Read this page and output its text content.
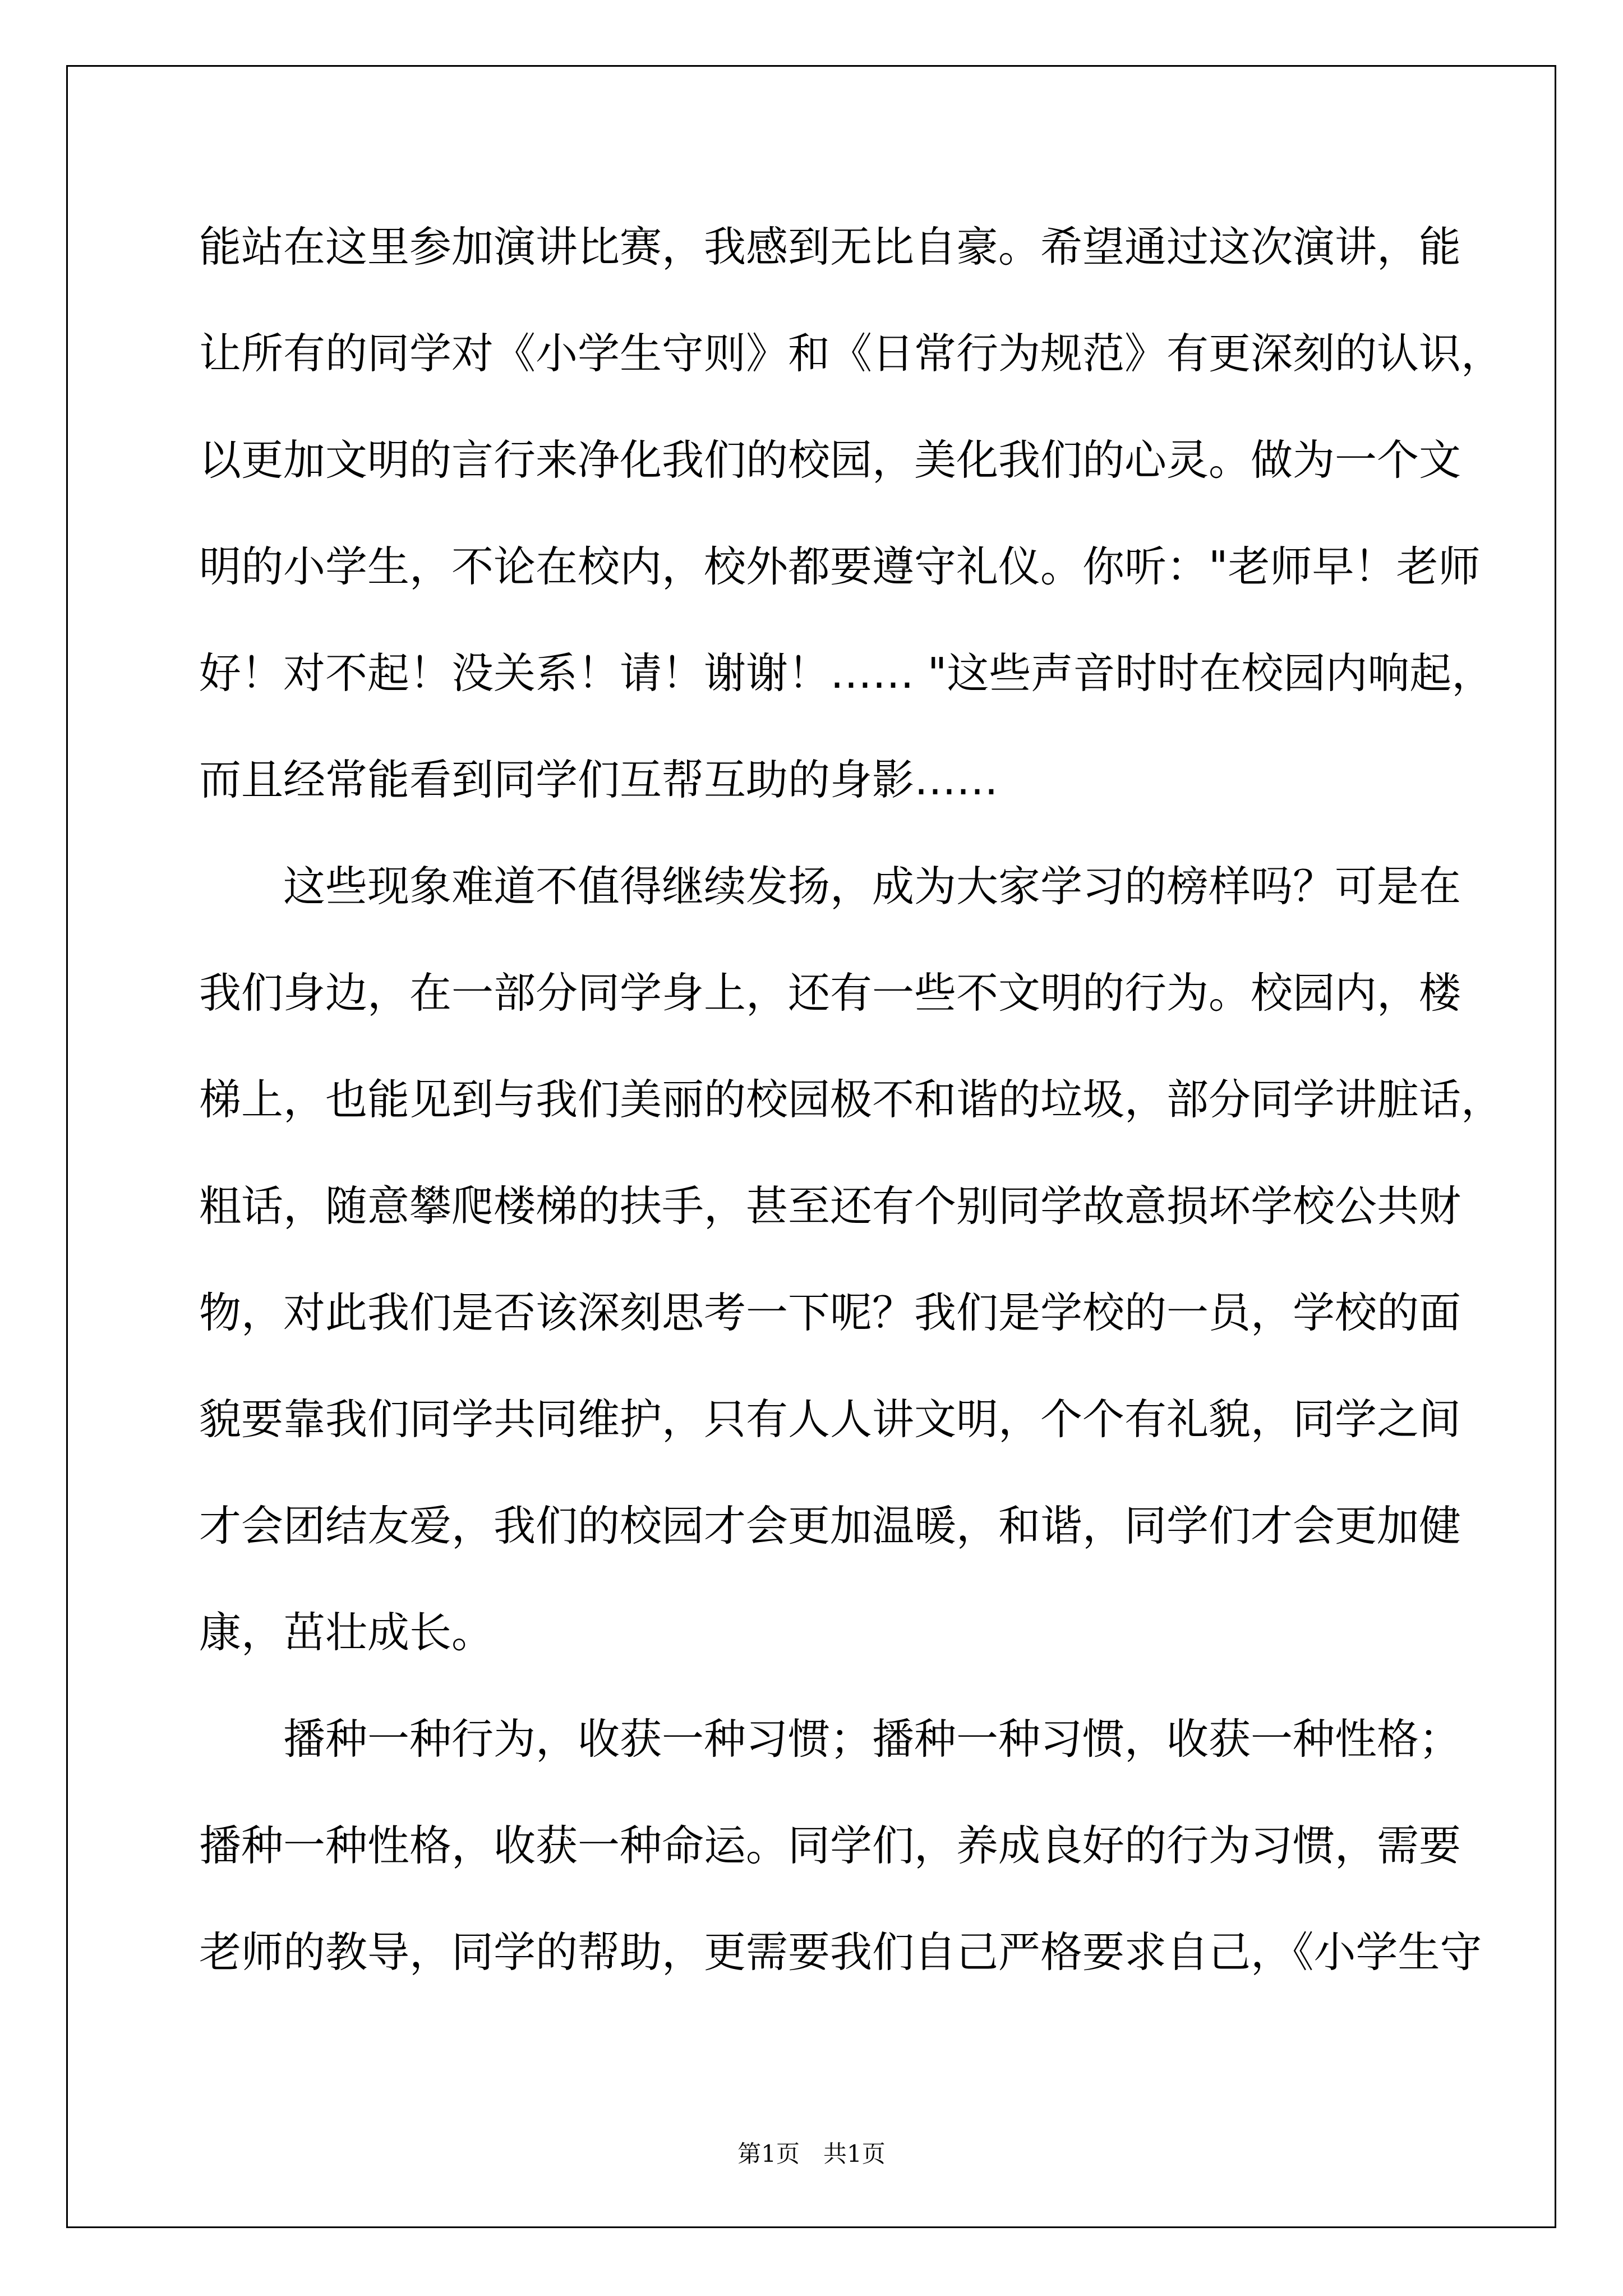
能站在这里参加演讲比赛，我感到无比自豪。希望通过这次演讲，能
让所有的同学对《小学生守则》和《日常行为规范》有更深刻的认识，
以更加文明的言行来净化我们的校园，美化我们的心灵。做为一个文
明的小学生，不论在校内，校外都要遵守礼仪。你听："老师早！老师
好！对不起！没关系！请！谢谢！…… "这些声音时时在校园内响起，
而且经常能看到同学们互帮互助的身影……
　　这些现象难道不值得继续发扬，成为大家学习的榜样吗？可是在
我们身边，在一部分同学身上，还有一些不文明的行为。校园内，楼
梯上，也能见到与我们美丽的校园极不和谐的垃圾，部分同学讲脏话，
粗话，随意攀爬楼梯的扶手，甚至还有个别同学故意损坏学校公共财
物，对此我们是否该深刻思考一下呢？我们是学校的一员，学校的面
貌要靠我们同学共同维护，只有人人讲文明，个个有礼貌，同学之间
才会团结友爱，我们的校园才会更加温暖，和谐，同学们才会更加健
康，茁壮成长。
　　播种一种行为，收获一种习惯；播种一种习惯，收获一种性格；
播种一种性格，收获一种命运。同学们，养成良好的行为习惯，需要
老师的教导，同学的帮助，更需要我们自己严格要求自己，《小学生守
第1页　共1页
